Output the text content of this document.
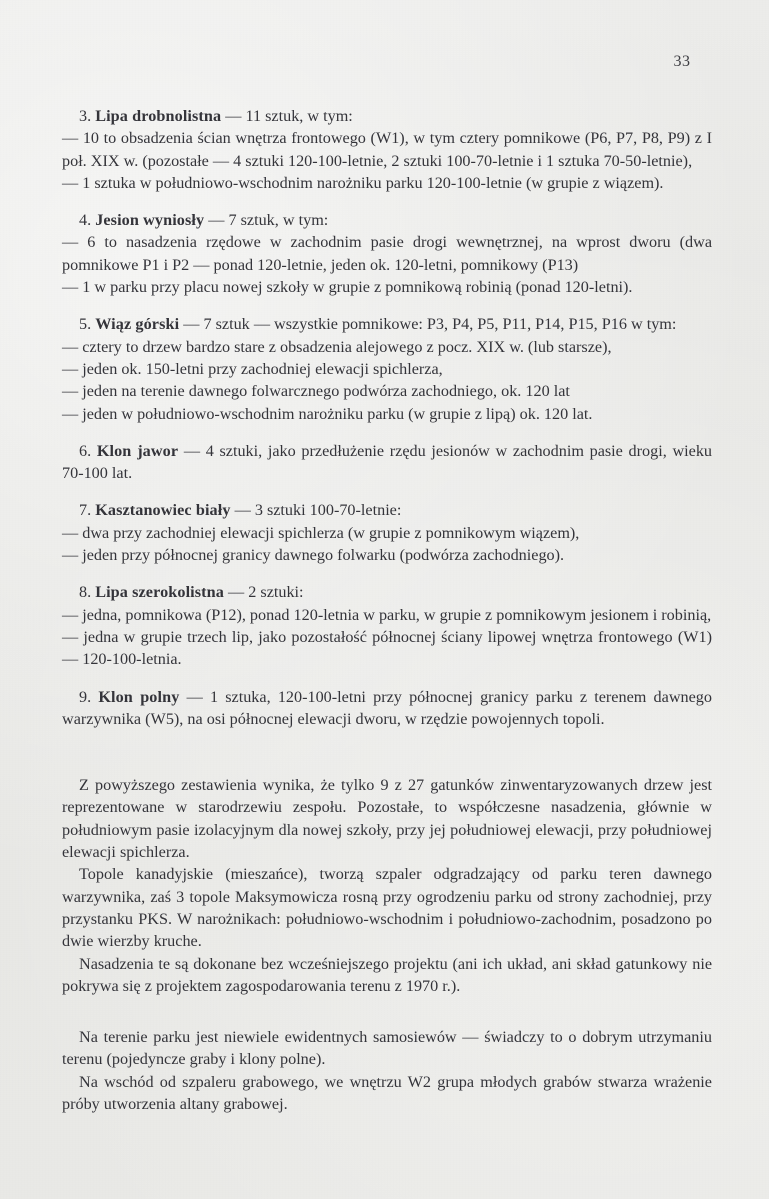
33

3. Lipa drobnolistna — 11 sztuk, w tym:

— 10 to obsadzenia ścian wnętrza frontowego (W1), w tym cztery pomnikowe (P6, P7, P8, P9) z I poł. XIX w. (pozostałe — 4 sztuki 120-100-letnie, 2 sztuki 100-70-letnie i 1 sztuka 70-50-letnie),

— 1 sztuka w południowo-wschodnim narożniku parku 120-100-letnie (w grupie z wiązem).

4. Jesion wyniosły — 7 sztuk, w tym:

— 6 to nasadzenia rzędowe w zachodnim pasie drogi wewnętrznej, na wprost dworu (dwa pomnikowe P1 i P2 — ponad 120-letnie, jeden ok. 120-letni, pomnikowy (P13)

— 1 w parku przy placu nowej szkoły w grupie z pomnikową robinią (ponad 120-letni).

5. Wiąz górski — 7 sztuk — wszystkie pomnikowe: P3, P4, P5, P11, P14, P15, P16 w tym:

— cztery to drzew bardzo stare z obsadzenia alejowego z pocz. XIX w. (lub starsze),

— jeden ok. 150-letni przy zachodniej elewacji spichlerza,

— jeden na terenie dawnego folwarcznego podwórza zachodniego, ok. 120 lat

— jeden w południowo-wschodnim narożniku parku (w grupie z lipą) ok. 120 lat.

6. Klon jawor — 4 sztuki, jako przedłużenie rzędu jesionów w zachodnim pasie drogi, wieku 70-100 lat.

7. Kasztanowiec biały — 3 sztuki 100-70-letnie:

— dwa przy zachodniej elewacji spichlerza (w grupie z pomnikowym wiązem),

— jeden przy północnej granicy dawnego folwarku (podwórza zachodniego).

8. Lipa szerokolistna — 2 sztuki:

— jedna, pomnikowa (P12), ponad 120-letnia w parku, w grupie z pomnikowym jesionem i robinią,

— jedna w grupie trzech lip, jako pozostałość północnej ściany lipowej wnętrza frontowego (W1) — 120-100-letnia.

9. Klon polny — 1 sztuka, 120-100-letni przy północnej granicy parku z terenem dawnego warzywnika (W5), na osi północnej elewacji dworu, w rzędzie powojennych topoli.

Z powyższego zestawienia wynika, że tylko 9 z 27 gatunków zinwentaryzowanych drzew jest reprezentowane w starodrzewiu zespołu. Pozostałe, to współczesne nasadzenia, głównie w południowym pasie izolacyjnym dla nowej szkoły, przy jej południowej elewacji, przy południowej elewacji spichlerza.

Topole kanadyjskie (mieszańce), tworzą szpaler odgradzający od parku teren dawnego warzywnika, zaś 3 topole Maksymowicza rosną przy ogrodzeniu parku od strony zachodniej, przy przystanku PKS. W narożnikach: południowo-wschodnim i południowo-zachodnim, posadzono po dwie wierzby kruche.

Nasadzenia te są dokonane bez wcześniejszego projektu (ani ich układ, ani skład gatunkowy nie pokrywa się z projektem zagospodarowania terenu z 1970 r.).

Na terenie parku jest niewiele ewidentnych samosiewów — świadczy to o dobrym utrzymaniu terenu (pojedyncze graby i klony polne).

Na wschód od szpaleru grabowego, we wnętrzu W2 grupa młodych grabów stwarza wrażenie próby utworzenia altany grabowej.
